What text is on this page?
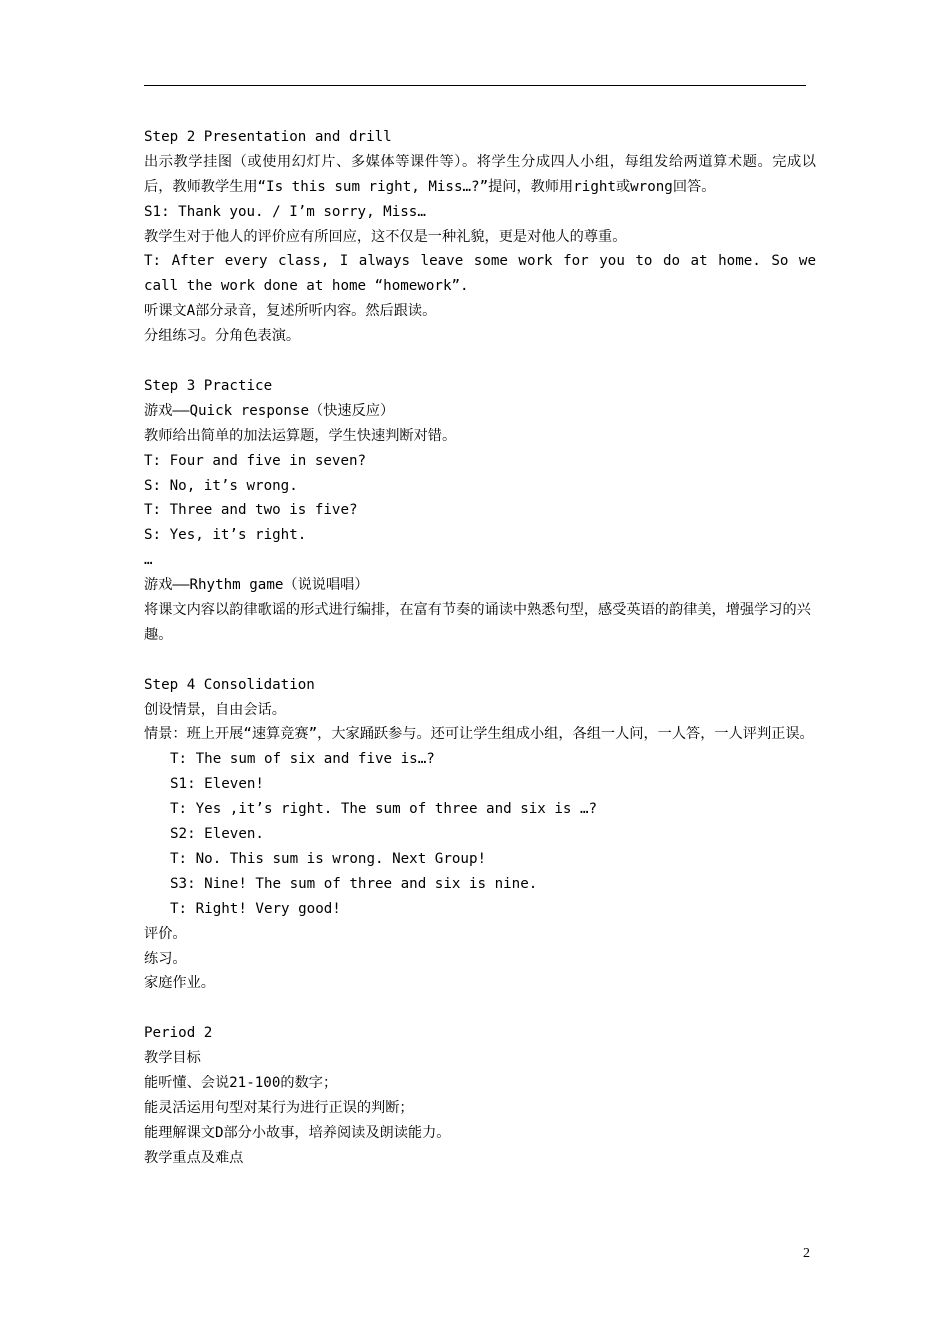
Step 2 Presentation and drill
出示教学挂图（或使用幻灯片、多媒体等课件等）。将学生分成四人小组，每组发给两道算术题。完成以后，教师教学生用“Is this sum right, Miss…?”提问，教师用right或wrong回答。
S1: Thank you. / I’m sorry, Miss…
教学生对于他人的评价应有所回应，这不仅是一种礼貌，更是对他人的尊重。
T: After every class, I always leave some work for you to do at home. So we call the work done at home “homework”.
听课文A部分录音，复述所听内容。然后跟读。
分组练习。分角色表演。
Step 3 Practice
游戏——Quick response（快速反应）
教师给出简单的加法运算题，学生快速判断对错。
T: Four and five in seven?
S: No, it’s wrong.
T: Three and two is five?
S: Yes, it’s right.
…
游戏——Rhythm game（说说唱唱）
将课文内容以韵律歌谣的形式进行编排，在富有节奏的诵读中熟悉句型，感受英语的韵律美，增强学习的兴趣。
Step 4 Consolidation
创设情景，自由会话。
情景：班上开展“速算竞赛”，大家踊跃参与。还可让学生组成小组，各组一人问，一人答，一人评判正误。
T: The sum of six and five is…?
S1: Eleven!
T: Yes ,it’s right. The sum of three and six is …?
S2: Eleven.
T: No. This sum is wrong. Next Group!
S3: Nine! The sum of three and six is nine.
T: Right! Very good!
评价。
练习。
家庭作业。
Period 2
教学目标
能听懂、会说21-100的数字；
能灵活运用句型对某行为进行正误的判断；
能理解课文D部分小故事，培养阅读及朗读能力。
教学重点及难点
2
